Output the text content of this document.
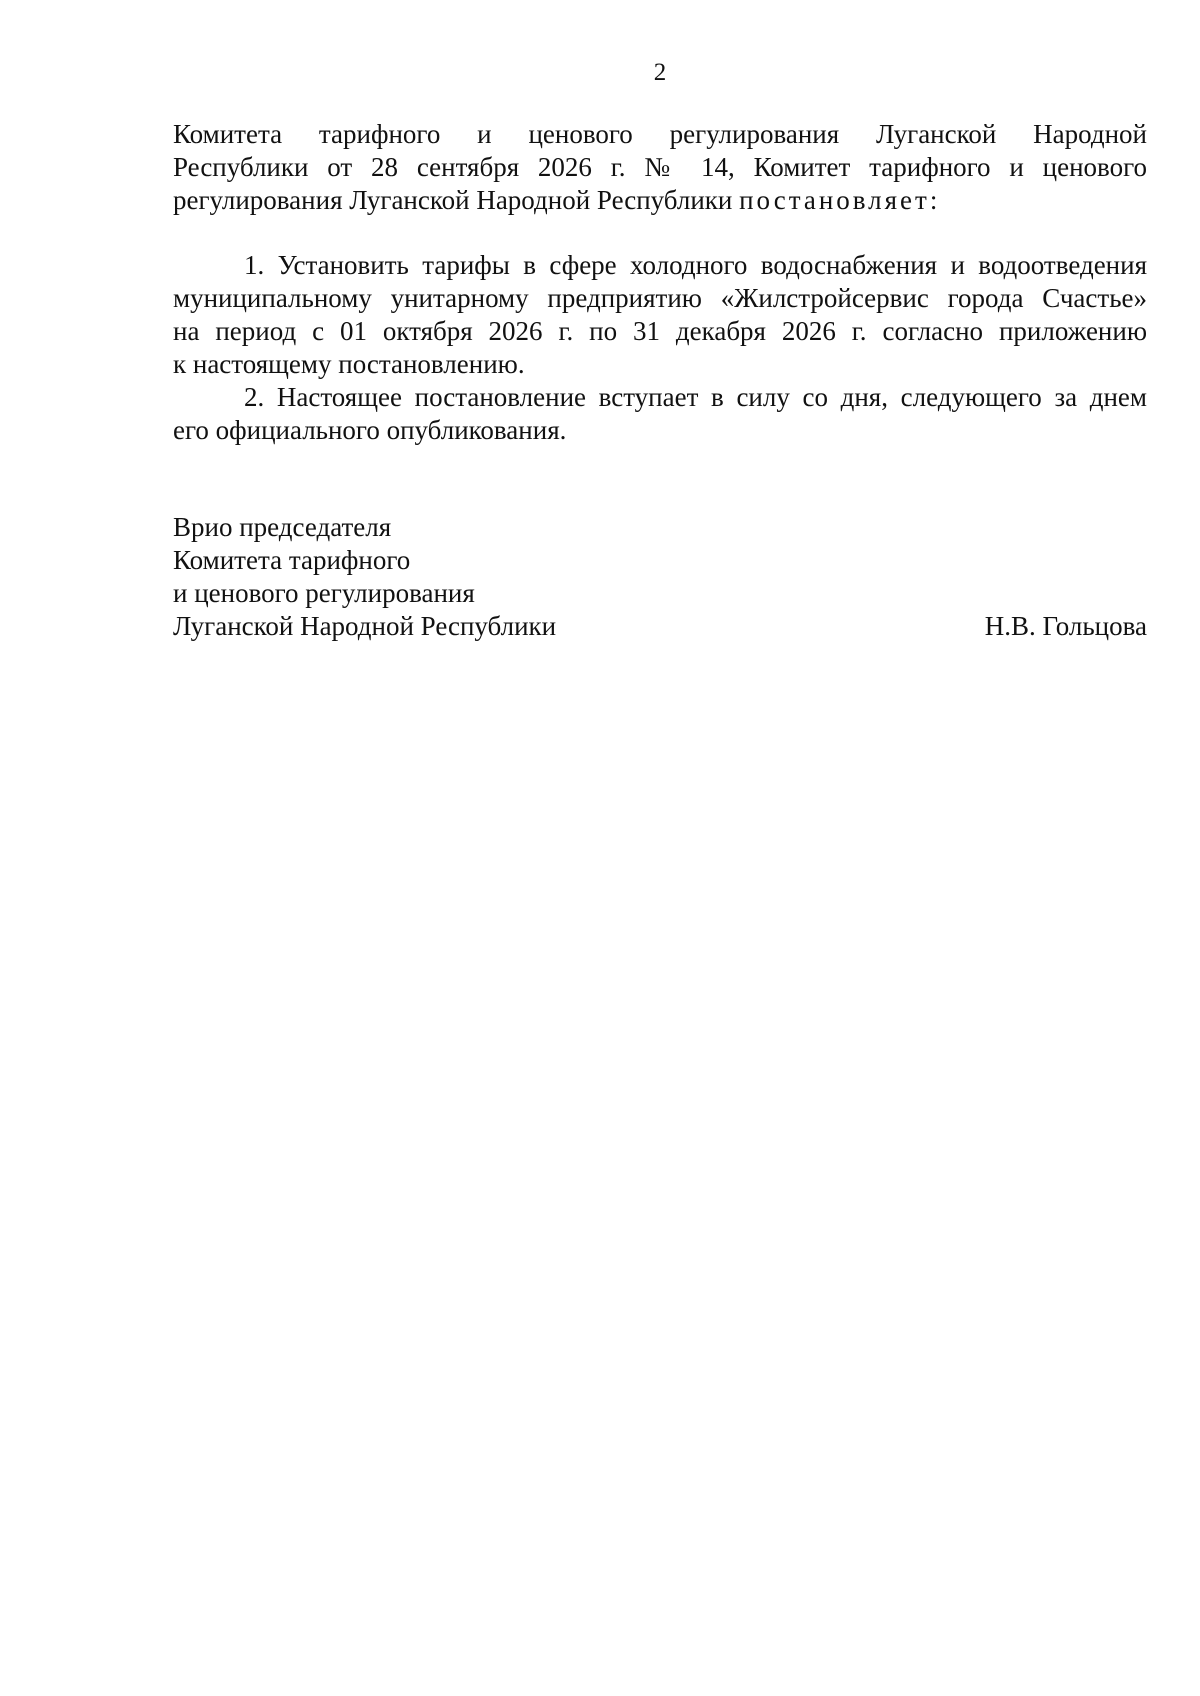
2
Комитета тарифного и ценового регулирования Луганской Народной
Республики от 28 сентября 2026 г. № 14, Комитет тарифного и ценового
регулирования Луганской Народной Республики постановляет:
1. Установить тарифы в сфере холодного водоснабжения и водоотведения
муниципальному унитарному предприятию «Жилстройсервис города Счастье»
на период с 01 октября 2026 г. по 31 декабря 2026 г. согласно приложению
к настоящему постановлению.
2. Настоящее постановление вступает в силу со дня, следующего за днем
его официального опубликования.
Врио председателя
Комитета тарифного
и ценового регулирования
Луганской Народной Республики	Н.В. Гольцова
